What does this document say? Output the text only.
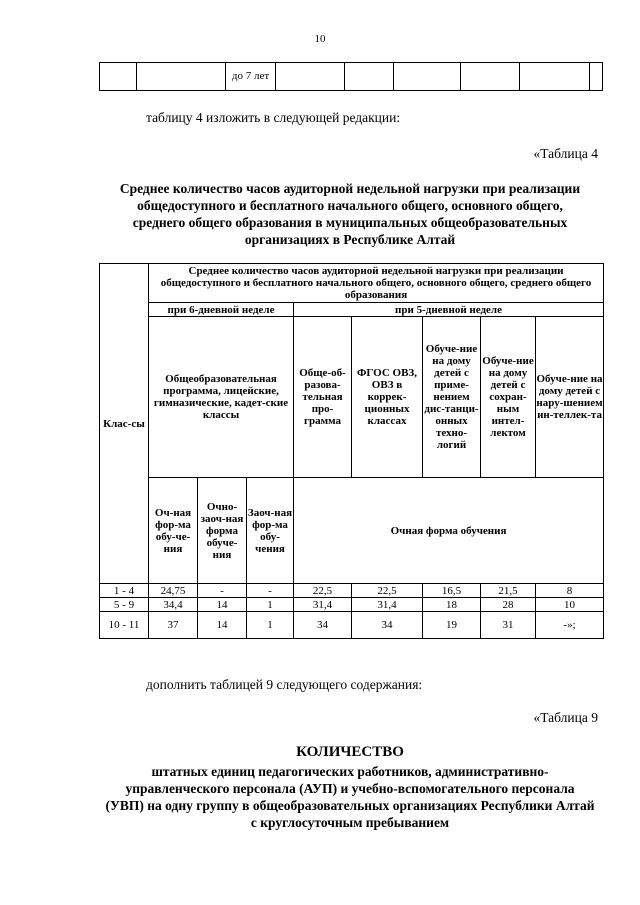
10
		до 7 лет						
таблицу 4 изложить в следующей редакции:
«Таблица 4
Среднее количество часов аудиторной недельной нагрузки при реализации общедоступного и бесплатного начального общего, основного общего, среднего общего образования в муниципальных общеобразовательных организациях в Республике Алтай
Клас-сы	Среднее количество часов аудиторной недельной нагрузки при реализации общедоступного и бесплатного начального общего, основного общего, среднего общего образования							
	при 6-дневной неделе			при 5-дневной неделе				
	Общеобразовательная программа, лицейские, гимназические, кадет-ские классы			Обще-об-разова-тельная про-грамма	ФГОС ОВЗ, ОВЗ в коррек-ционных классах	Обуче-ние на дому детей с приме-нением дис-танци-онных техно-логий	Обуче-ние на дому детей с сохран-ным интел-лектом	Обуче-ние на дому детей с нару-шением ин-теллек-та
	Оч-ная фор-ма обу-че-ния	Очно-заоч-ная форма обуче-ния	Заоч-ная фор-ма обу-чения	Очная форма обучения				
1 - 4	24,75	-	-	22,5	22,5	16,5	21,5	8
5 - 9	34,4	14	1	31,4	31,4	18	28	10
10 - 11	37	14	1	34	34	19	31	-»;
дополнить таблицей 9 следующего содержания:
«Таблица 9
КОЛИЧЕСТВО
штатных единиц педагогических работников, административно-управленческого персонала (АУП) и учебно-вспомогательного персонала (УВП) на одну группу в общеобразовательных организациях Республики Алтай с круглосуточным пребыванием
